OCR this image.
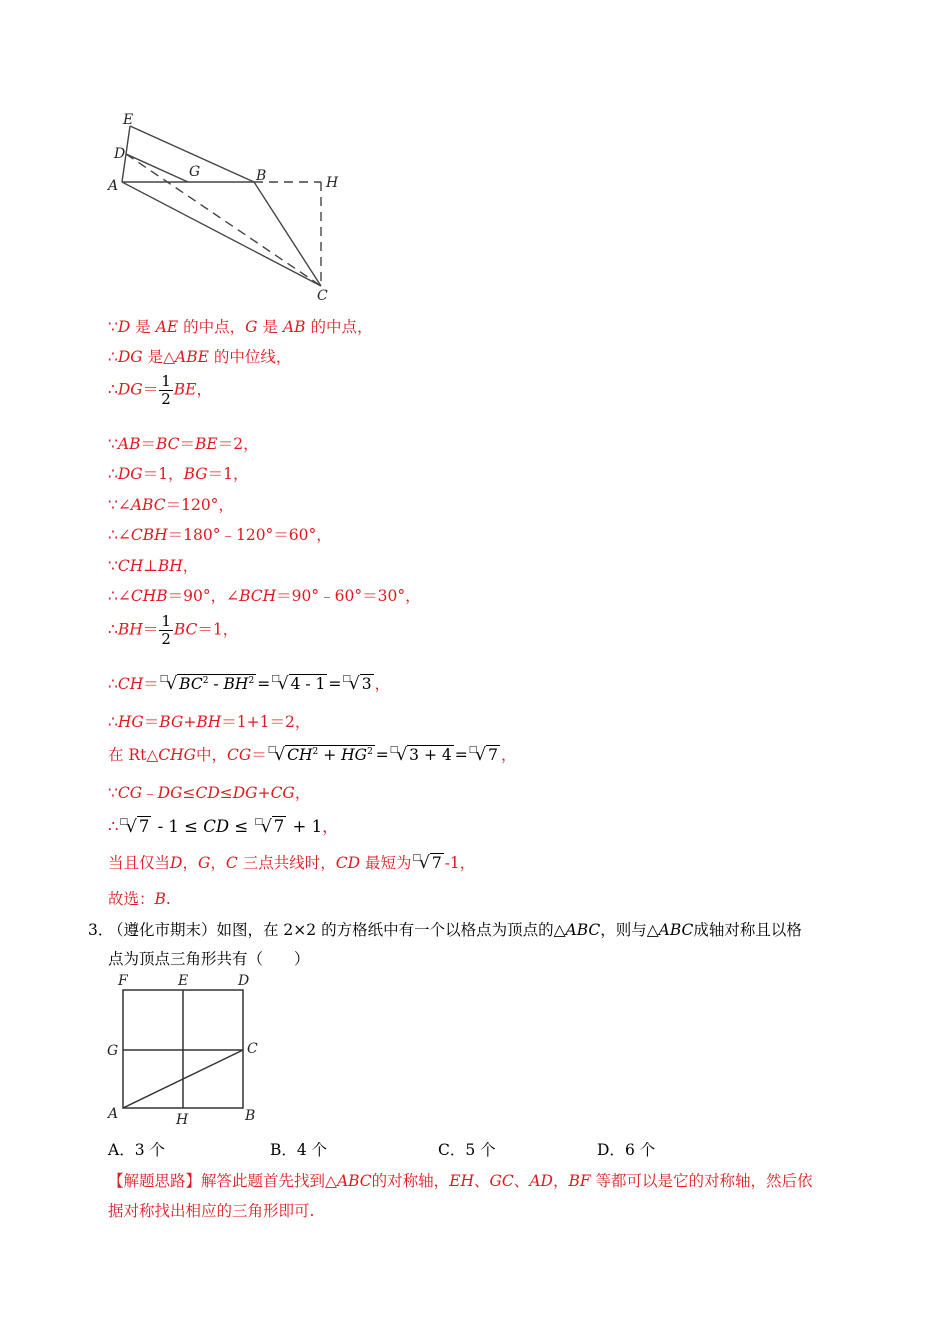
E
D
A
G	B	H
C
∵D 是 AE 的中点，G 是 AB 的中点，
∴DG 是△ABE 的中位线，
∴DG＝ $\frac{1}{2}$ BE，
∵AB＝BC＝BE＝2，
∴DG＝1，BG＝1，
∵∠ABC＝120°，
∴∠CBH＝180°﹣120°＝60°，
∵CH⊥BH，
∴∠CHB＝90°，∠BCH＝90°﹣60°＝30°，
∴BH＝ $\frac{1}{2} BC=1$，
∴CH＝□√ $BC^2 - BH^2 =^□√$ 4 - 1 =□√ 3 ，
∴HG＝BG+BH＝1+1＝2，
在 Rt△CHG中，CG＝□√ $CH^2 + HG^2 =^□√$ 3 + 4 =□√ 7 ，
∵CG﹣DG≤CD≤DG+CG，
∴□√ 7 - 1 ≤ CD ≤ □√ 7 + 1，
当且仅当D，G，C 三点共线时，CD 最短为□√ 7 -1，
故选：B.
3．
（遵化市期末）如图，在 2×2 的方格纸中有一个以格点为顶点的△ABC，则与△ABC成轴对称且以格
点为顶点三角形共有（　　）
F	E	D
G	C
A	H	B
A．3 个	B．4 个	C．5 个	D．6 个
【解题思路】解答此题首先找到△ABC的对称轴，EH、GC、AD，BF 等都可以是它的对称轴，然后依
据对称找出相应的三角形即可.
